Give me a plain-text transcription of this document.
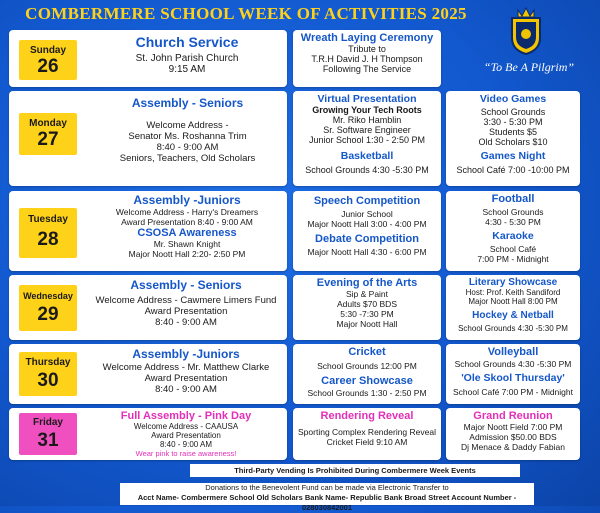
COMBERMERE SCHOOL WEEK OF ACTIVITIES 2025
“To Be A Pilgrim”
Sunday
26
Church Service
St. John Parish Church
9:15 AM
Wreath Laying Ceremony
Tribute to
T.R.H David J. H Thompson
Following The Service
Monday
27
Assembly - Seniors
Welcome Address -
Senator Ms. Roshanna Trim
8:40 - 9:00 AM
Seniors, Teachers, Old Scholars
Virtual Presentation
Growing Your Tech Roots
Mr. Riko Hamblin
Sr. Software Engineer
Junior School 1:30 - 2:50 PM
Basketball
School Grounds 4:30 -5:30 PM
Video Games
School Grounds
3:30 - 5:30 PM
Students $5
Old Scholars $10
Games Night
School Café 7:00 -10:00 PM
Tuesday
28
Assembly -Juniors
Welcome Address - Harry's Dreamers
Award Presentation 8:40 - 9:00 AM
CSOSA Awareness
Mr. Shawn Knight
Major Noott Hall 2:20- 2:50 PM
Speech Competition
Junior School
Major Noott Hall 3:00 - 4:00 PM
Debate Competition
Major Noott Hall 4:30 - 6:00 PM
Football
School Grounds
4:30 - 5:30 PM
Karaoke
School Café
7:00 PM - Midnight
Wednesday
29
Assembly - Seniors
Welcome Address - Cawmere Limers Fund
Award Presentation
8:40 - 9:00 AM
Evening of the Arts
Sip & Paint
Adults $70 BDS
5:30 -7:30 PM
Major Noott Hall
Literary Showcase
Host: Prof. Keith Sandiford
Major Noott Hall 8:00 PM
Hockey & Netball
School Grounds 4:30 -5:30 PM
Thursday
30
Assembly -Juniors
Welcome Address - Mr. Matthew Clarke
Award Presentation
8:40 - 9:00 AM
Cricket
School Grounds 12:00 PM
Career Showcase
School Grounds 1:30 - 2:50 PM
Volleyball
School Grounds 4:30 -5:30 PM
'Ole Skool Thursday'
School Café 7:00 PM - Midnight
Friday
31
Full Assembly - Pink Day
Welcome Address - CAAUSA
Award Presentation
8:40 - 9:00 AM
Wear pink to raise awareness!
Rendering Reveal
Sporting Complex Rendering Reveal
Cricket Field 9:10 AM
Grand Reunion
Major Noott Field 7:00 PM
Admission $50.00 BDS
Dj Menace & Daddy Fabian
Third-Party Vending Is Prohibited During Combermere Week Events
Donations to the Benevolent Fund can be made via Electronic Transfer to
Acct Name- Combermere School Old Scholars Bank Name- Republic Bank Broad Street Account Number - 028030842001
